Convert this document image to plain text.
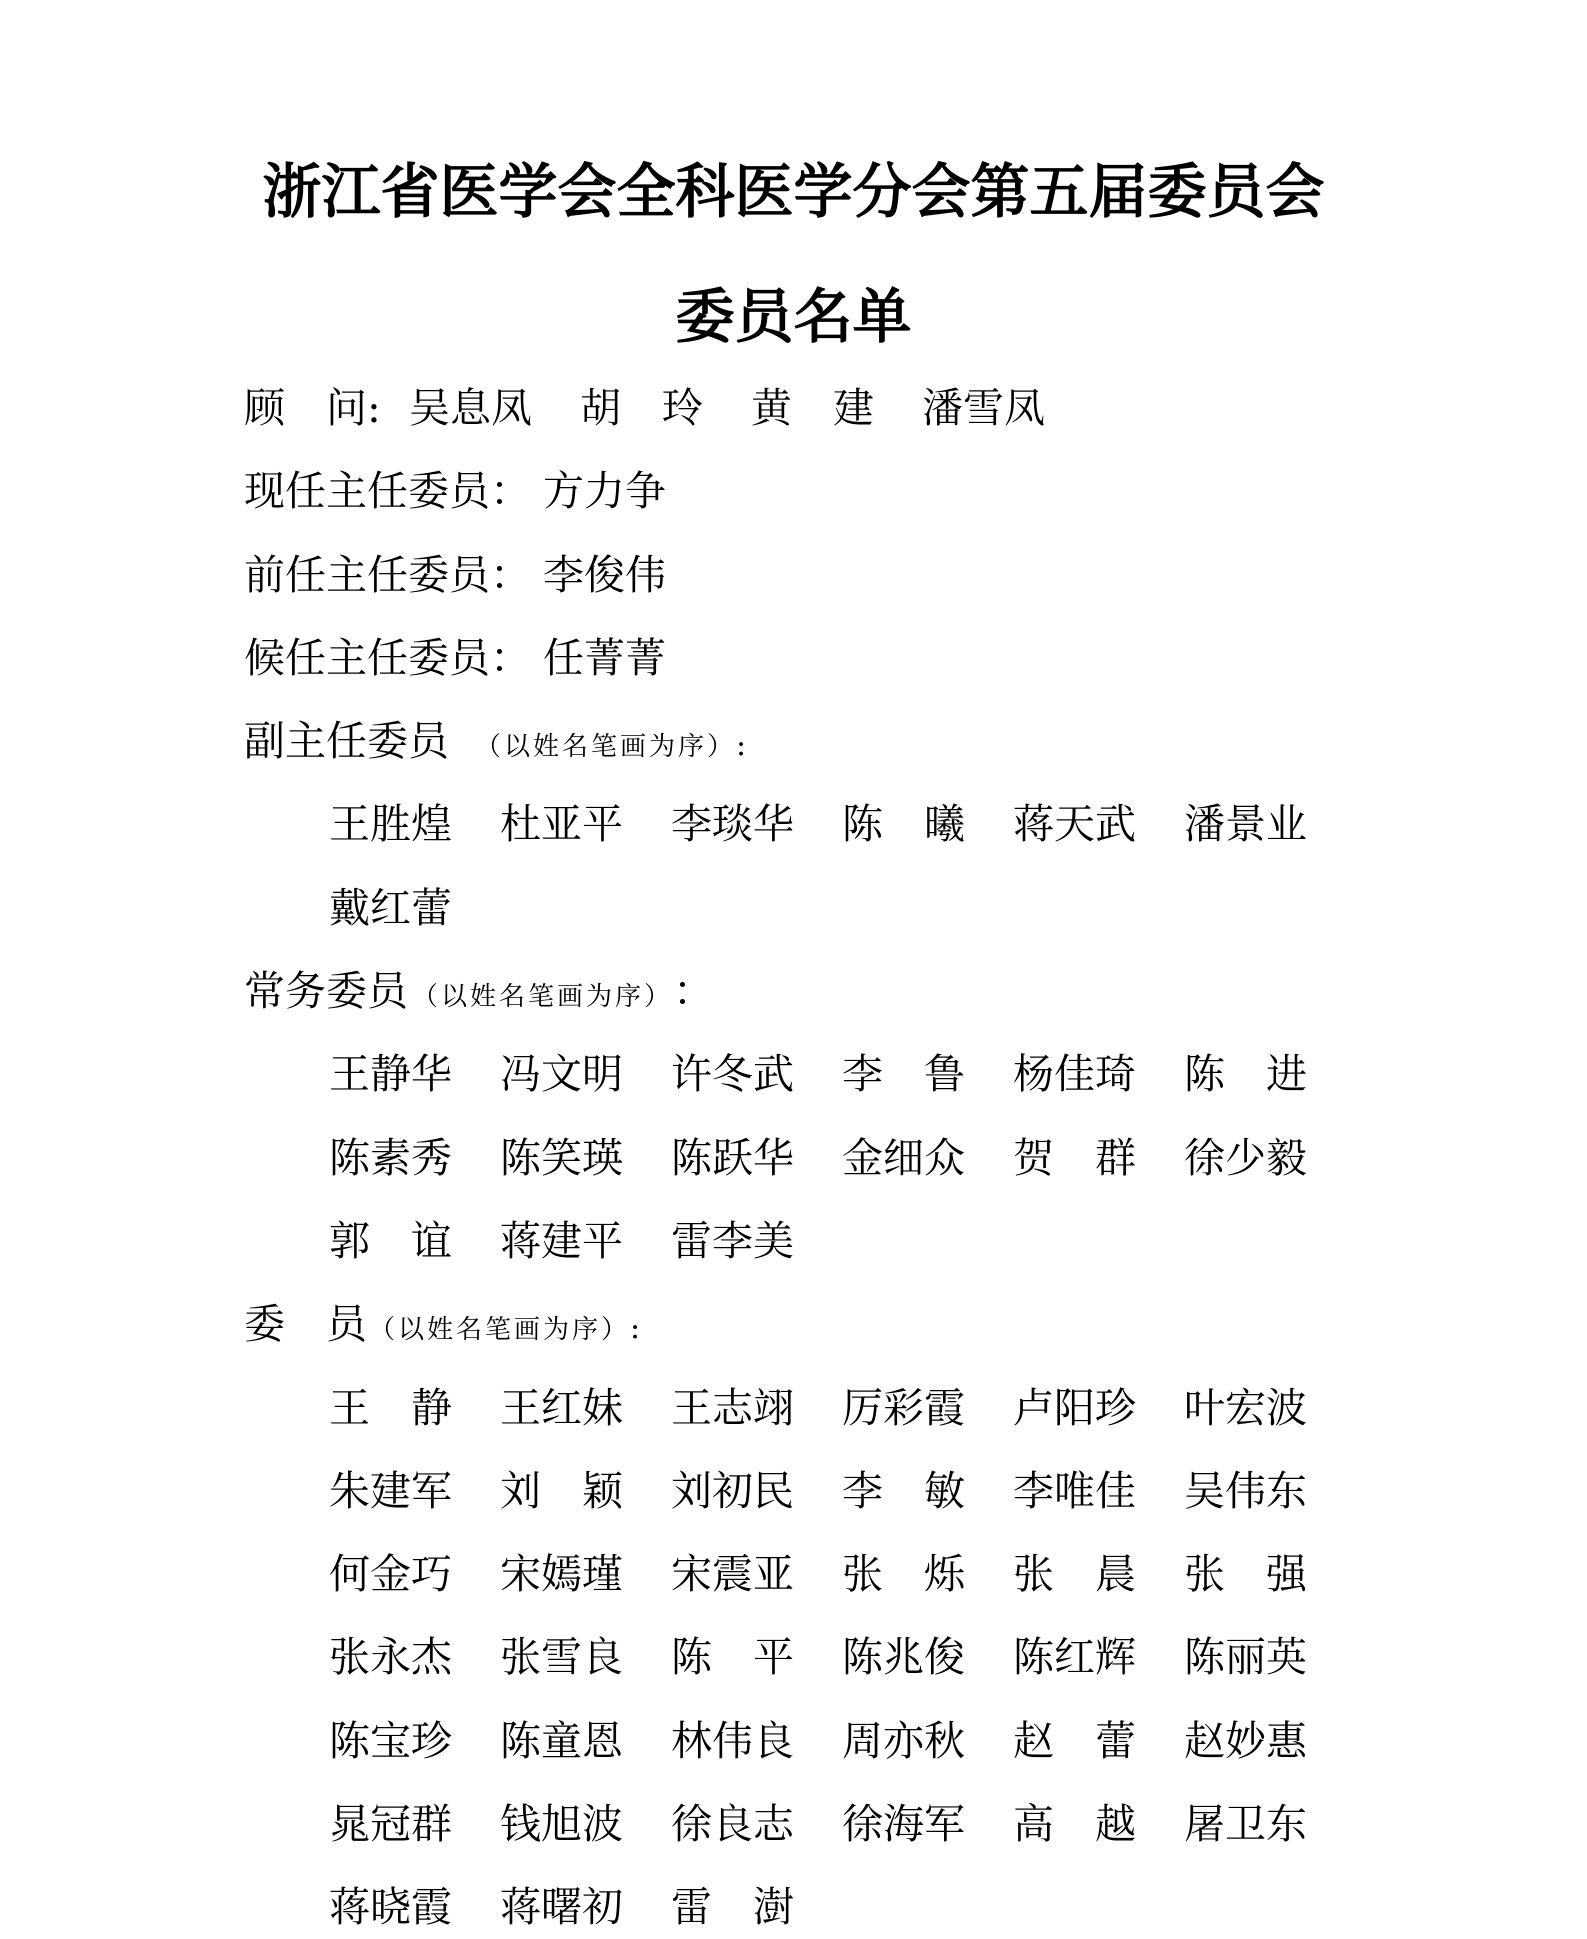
浙江省医学会全科医学分会第五届委员会
委员名单
顾 问 : 吴 息 凤 胡 玲 黄 建 潘 雪 凤
现任主任委员： 方力争
前任主任委员： 李俊伟
候任主任委员： 任菁菁
副主任委员 （以姓名笔画为序） :
王 胜 煌 杜 亚 平 李 琰 华 陈 曦 蒋 天 武 潘 景 业
戴 红 蕾
常务委员 （以姓名笔画为序） ：
王 静 华 冯 文 明 许 冬 武 李 鲁 杨 佳 琦 陈 进
陈 素 秀 陈 笑 瑛 陈 跃 华 金 细 众 贺 群 徐 少 毅
郭 谊 蒋 建 平 雷 李 美
委 员 （以姓名笔画为序） :
王 静 王 红 妹 王 志 翊 厉 彩 霞 卢 阳 珍 叶 宏 波
朱 建 军 刘 颖 刘 初 民 李 敏 李 唯 佳 吴 伟 东
何 金 巧 宋 嫣 瑾 宋 震 亚 张 烁 张 晨 张 强
张 永 杰 张 雪 良 陈 平 陈 兆 俊 陈 红 辉 陈 丽 英
陈 宝 珍 陈 童 恩 林 伟 良 周 亦 秋 赵 蕾 赵 妙 惠
晁 冠 群 钱 旭 波 徐 良 志 徐 海 军 高 越 屠 卫 东
蒋 晓 霞 蒋 曙 初 雷 澍
